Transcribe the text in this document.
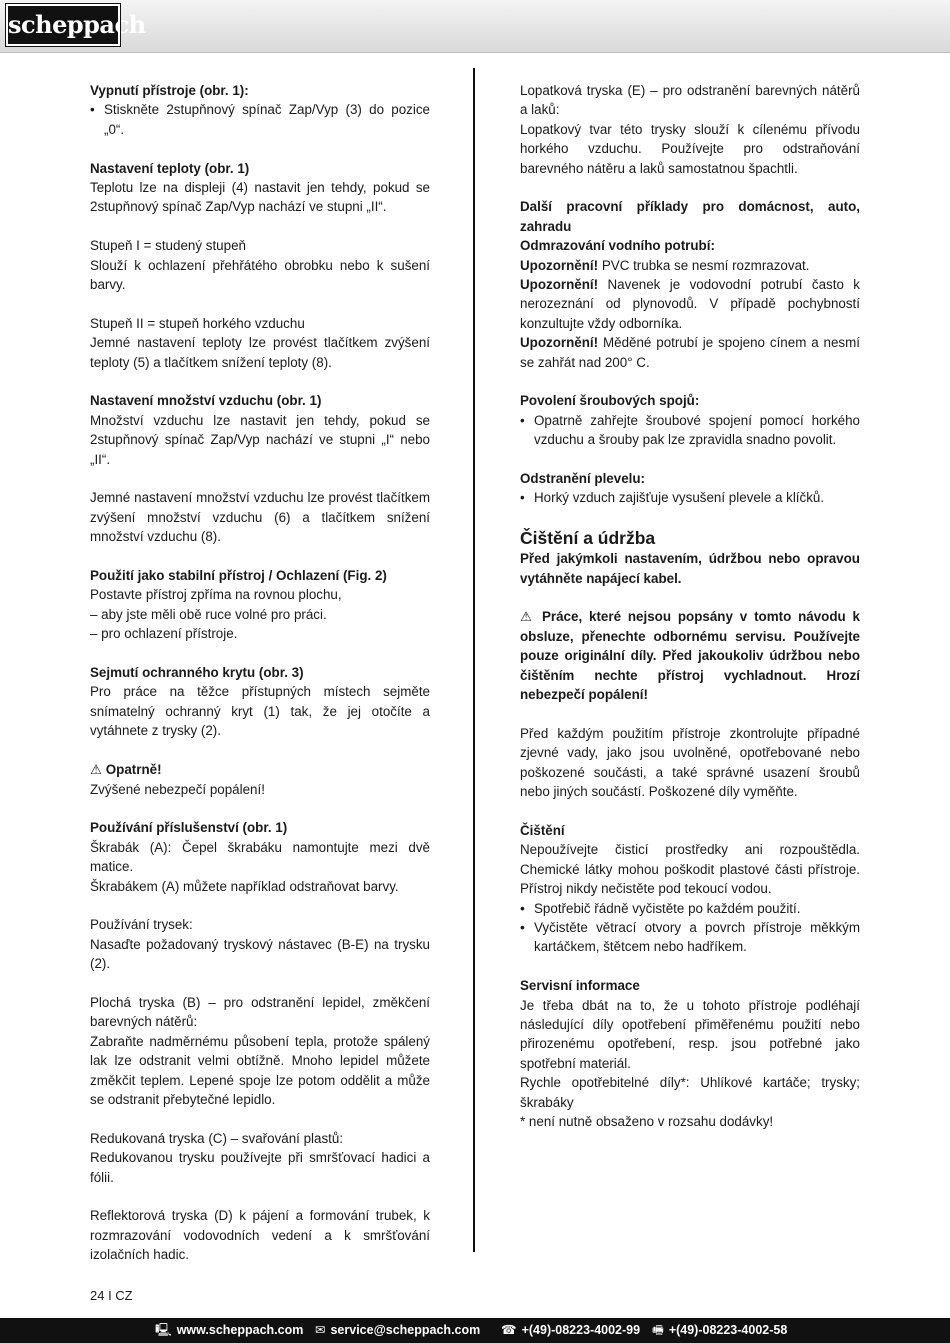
scheppach

Vypnutí přístroje (obr. 1):

• Stiskněte 2stupňnový spínač Zap/Vyp (3) do pozice „0“.

Nastavení teploty (obr. 1)

Teplotu lze na displeji (4) nastavit jen tehdy, pokud se 2stupňnový spínač Zap/Vyp nachází ve stupni „II“.

Stupeň I = studený stupeň

Slouží k ochlazení přehřátého obrobku nebo k sušení barvy.

Stupeň II = stupeň horkého vzduchu

Jemné nastavení teploty lze provést tlačítkem zvýšení teploty (5) a tlačítkem snížení teploty (8).

Nastavení množství vzduchu (obr. 1)

Množství vzduchu lze nastavit jen tehdy, pokud se 2stupňnový spínač Zap/Vyp nachází ve stupni „I“ nebo „II“.

Jemné nastavení množství vzduchu lze provést tlačítkem zvýšení množství vzduchu (6) a tlačítkem snížení množství vzduchu (8).

Použití jako stabilní přístroj / Ochlazení (Fig. 2)

Postavte přístroj zpříma na rovnou plochu,

– aby jste měli obě ruce volné pro práci.

– pro ochlazení přístroje.

Sejmutí ochranného krytu (obr. 3)

Pro práce na těžce přístupných místech sejměte snímatelný ochranný kryt (1) tak, že jej otočíte a vytáhnete z trysky (2).

⚠ Opatrně!

Zvýšené nebezpečí popálení!

Používání příslušenství (obr. 1)

Škrabák (A): Čepel škrabáku namontujte mezi dvě matice.

Škrabákem (A) můžete například odstraňovat barvy.

Používání trysek:

Nasaďte požadovaný tryskový nástavec (B-E) na trysku (2).

Plochá tryska (B) – pro odstranění lepidel, změkčení barevných nátěrů:

Zabraňte nadměrnému působení tepla, protože spálený lak lze odstranit velmi obtížně. Mnoho lepidel můžete změkčit teplem. Lepené spoje lze potom oddělit a může se odstranit přebytečné lepidlo.

Redukovaná tryska (C) – svařování plastů:

Redukovanou trysku používejte při smršťovací hadici a fólii.

Reflektorová tryska (D) k pájení a formování trubek, k rozmrazování vodovodních vedení a k smršťování izolačních hadic.

Lopatková tryska (E) – pro odstranění barevných nátěrů a laků:

Lopatkový tvar této trysky slouží k cílenému přívodu horkého vzduchu. Používejte pro odstraňování barevného nátěru a laků samostatnou špachtli.

Další pracovní příklady pro domácnost, auto, zahradu

Odmrazování vodního potrubí:

Upozornění! PVC trubka se nesmí rozmrazovat.

Upozornění! Navenek je vodovodní potrubí často k nerozeznání od plynovodů. V případě pochybností konzultujte vždy odborníka.

Upozornění! Měděné potrubí je spojeno cínem a nesmí se zahřát nad 200° C.

Povolení šroubových spojů:

• Opatrně zahřejte šroubové spojení pomocí horkého vzduchu a šrouby pak lze zpravidla snadno povolit.

Odstranění plevelu:

• Horký vzduch zajišťuje vysušení plevele a klíčků.

Čištění a údržba

Před jakýmkoli nastavením, údržbou nebo opravou vytáhněte napájecí kabel.

⚠ Práce, které nejsou popsány v tomto návodu k obsluze, přenechte odbornému servisu. Používejte pouze originální díly. Před jakoukoliv údržbou nebo čištěním nechte přístroj vychladnout. Hrozí nebezpečí popálení!

Před každým použitím přístroje zkontrolujte případné zjevné vady, jako jsou uvolněné, opotřebované nebo poškozené součásti, a také správné usazení šroubů nebo jiných součástí. Poškozené díly vyměňte.

Čištění

Nepoužívejte čisticí prostředky ani rozpouštědla. Chemické látky mohou poškodit plastové části přístroje. Přístroj nikdy nečistěte pod tekoucí vodou.

• Spotřebič řádně vyčistěte po každém použití.

• Vyčistěte větrací otvory a povrch přístroje měkkým kartáčkem, štětcem nebo hadříkem.

Servisní informace

Je třeba dbát na to, že u tohoto přístroje podléhají následující díly opotřebení přiměřenému použití nebo přirozenému opotřebení, resp. jsou potřebné jako spotřební materiál.

Rychle opotřebitelné díly*: Uhlíkové kartáče; trysky; škrabáky

* není nutně obsaženo v rozsahu dodávky!

24 I CZ
🖳 www.scheppach.com ✉ service@scheppach.com ☎ +(49)-08223-4002-99 🖷 +(49)-08223-4002-58
